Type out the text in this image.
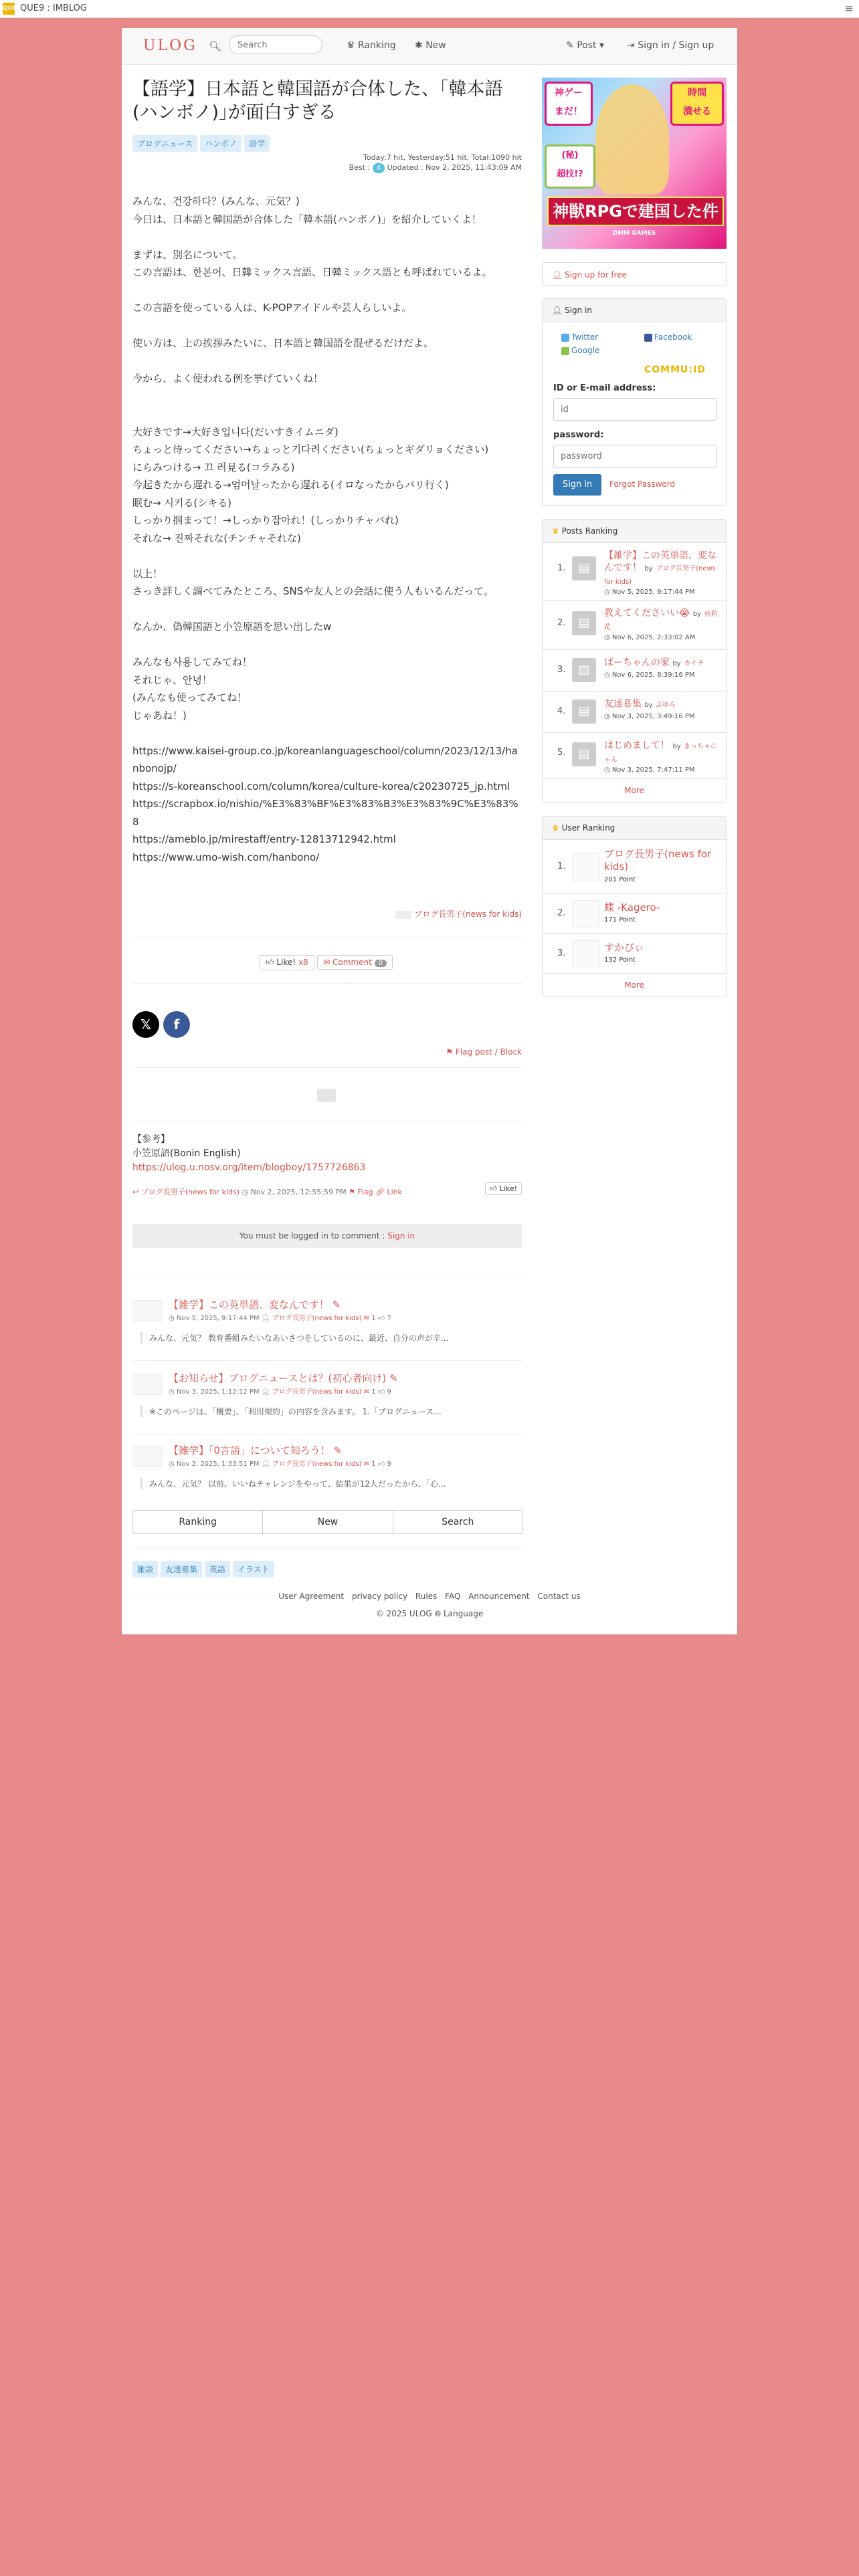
QUE9
QUE9 : IMBLOG	≡
ULOG 🔍︎
Search	♛ Ranking ✱ New	✎ Post ▾ ⇥ Sign in / Sign up
【語学】日本語と韓国語が合体した、｢韓本語(ハンボノ)｣が面白すぎる
ブログニュース ハンボノ 語学
Today:7 hit, Yesterday:51 hit, Total:1090 hit
Best : 4 Updated : Nov 2, 2025, 11:43:09 AM
みんな、건강하다？(みんな、元気？)
今日は、日本語と韓国語が合体した「韓本語(ハンボノ)」を紹介していくよ！

まずは、別名について。
この言語は、한본어、日韓ミックス言語、日韓ミックス語とも呼ばれているよ。

この言語を使っている人は、K-POPアイドルや芸人らしいよ。

使い方は、上の挨拶みたいに、日本語と韓国語を混ぜるだけだよ。

今から、よく使われる例を挙げていくね！

大好きです→大好き입니다(だいすきイムニダ)
ちょっと待ってください→ちょっと기다려ください(ちょっとギダリョください)
にらみつける→ 끄 려見る(コラみる)
今起きたから遅れる→엄어날ったから遅れる(イロなったからバリ行く)
眠む→ 시키る(シキる)
しっかり掴まって！→しっかり잡아れ！(しっかりチャバれ)
それな→ 진짜それな(チンチャそれな)

以上！
さっき詳しく調べてみたところ、SNSや友人との会話に使う人もいるんだって。

なんか、偽韓国語と小笠原語を思い出したw

みんなも사용してみてね！
それじゃ、안녕！
(みんなも使ってみてね！
じゃあね！)

https://www.kaisei-group.co.jp/koreanlanguageschool/column/2023/12/13/hanbonojp/
https://s-koreanschool.com/column/korea/culture-korea/c20230725_jp.html
https://scrapbox.io/nishio/%E3%83%BF%E3%83%B3%E3%83%9C%E3%83%8
https://ameblo.jp/mirestaff/entry-12813712942.html
https://www.umo-wish.com/hanbono/
ブログ長男子(news for kids)
👍︎ Like! x8 ✉ Comment 0
𝕏	f
⚑ Flag post / Block
【参考】
小笠原語(Bonin English)
https://ulog.u.nosv.org/item/blogboy/1757726863
↩ ブログ長男子(news for kids) ◷ Nov 2, 2025, 12:55:59 PM ⚑ Flag 🔗︎ Link	👍︎ Like!
You must be logged in to comment : Sign in
【雑学】この英単語、変なんです！ ✎
◷ Nov 5, 2025, 9:17:44 PM 👤︎ ブログ長男子(news for kids) ✉ 1 👍︎ 7
みんな、元気？ 教育番組みたいなあいさつをしているのに、最近、自分の声が辛...
【お知らせ】ブログニュースとは？(初心者向け) ✎
◷ Nov 3, 2025, 1:12:12 PM 👤︎ ブログ長男子(news for kids) ✉ 1 👍︎ 9
※このページは、「概要」、「利用規約」の内容を含みます。 1.「ブログニュース...
【雑学】「0言語」について知ろう！ ✎
◷ Nov 2, 2025, 1:33:51 PM 👤︎ ブログ長男子(news for kids) ✉ 1 👍︎ 9
みんな、元気？ 以前、いいねチャレンジをやって、結果が12人だったから、「心...
Ranking	New	Search
雑談 友達募集 英語 イラスト
User Agreement privacy policy Rules FAQ Announcement Contact us
© 2025 ULOG 🌐︎ Language
神ゲー
まだ！
時間
潰せる
(秘)
超技!?
神獣RPGで建国した件
DMM GAMES
👤︎ Sign up for free
👤︎ Sign in
Twitter	Facebook
Google
COMMU:ID
ID or E-mail address:
id
password:
Sign in	Forgot Password
♛ Posts Ranking
1.	▤
【雑学】この英単語、変なんです！ by ブログ長男子(news for kids)
◷ Nov 5, 2025, 9:17:44 PM
2.	▤
教えてくださいい😭 by 亜莉花
◷ Nov 6, 2025, 2:33:02 AM
3.	▤	ぱーちゃんの家 by カイチ
◷ Nov 6, 2025, 8:39:16 PM
4.	▤	友達募集 by ぷゆら
◷ Nov 3, 2025, 3:49:16 PM
5.	▤
はじめまして！ by まっちゃにゃん
◷ Nov 3, 2025, 7:47:11 PM
More
♛ User Ranking
1.
ブログ長男子(news for kids)
201 Point
2.	蝶 -Kagero-
171 Point
3.	すかぴぃ
132 Point
More
